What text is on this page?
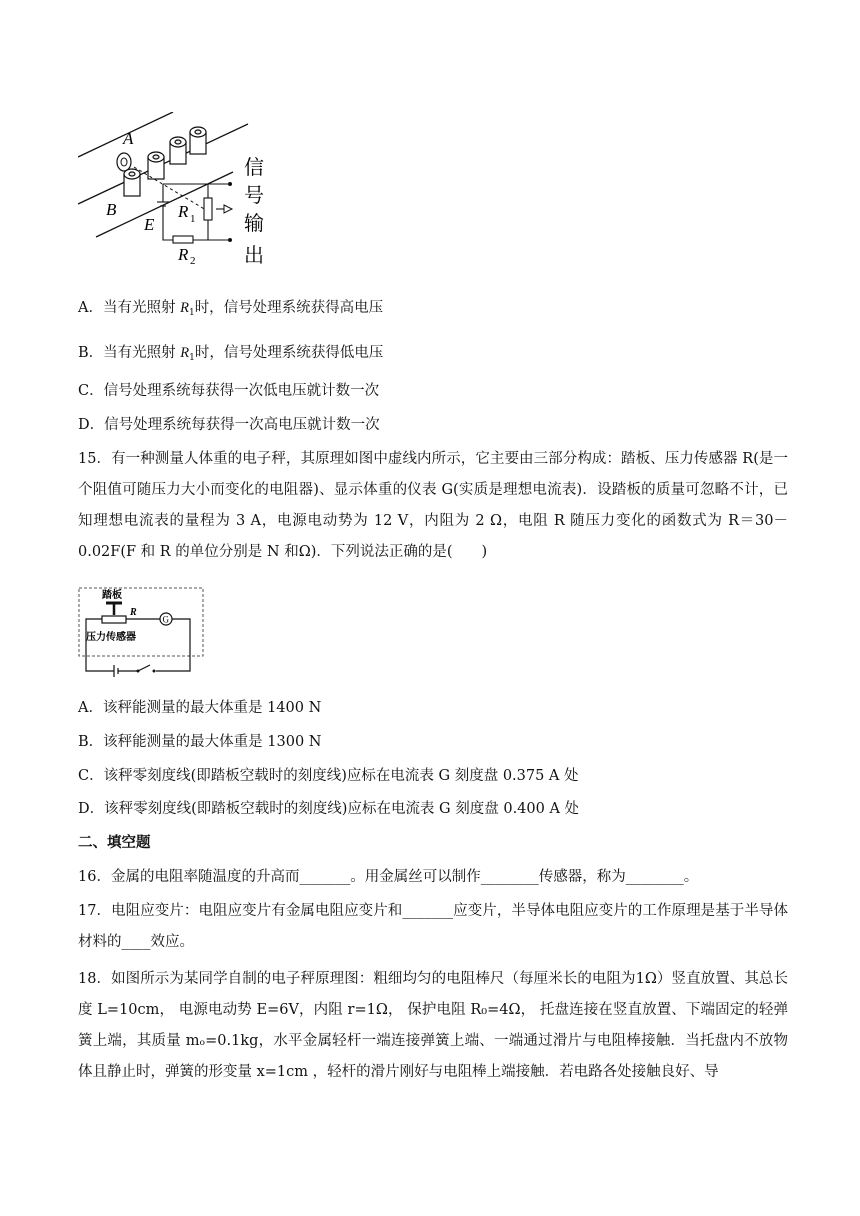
A
B
E
R 1
R 2
信
号
输
出
A．当有光照射 $R_1$时，信号处理系统获得高电压
B．当有光照射 $R_1$时，信号处理系统获得低电压
C．信号处理系统每获得一次低电压就计数一次
D．信号处理系统每获得一次高电压就计数一次
15．有一种测量人体重的电子秤，其原理如图中虚线内所示，它主要由三部分构成：踏板、压力传感器 R(是一个阻值可随压力大小而变化的电阻器)、显示体重的仪表 G(实质是理想电流表)．设踏板的质量可忽略不计，已知理想电流表的量程为 3 A，电源电动势为 12 V，内阻为 2 Ω，电阻 R 随压力变化的函数式为 R＝30－0.02F(F 和 R 的单位分别是 N 和Ω)．下列说法正确的是(　　)
踏板
R
G
压力传感器
A．该秤能测量的最大体重是 1400 N
B．该秤能测量的最大体重是 1300 N
C．该秤零刻度线(即踏板空载时的刻度线)应标在电流表 G 刻度盘 0.375 A 处
D．该秤零刻度线(即踏板空载时的刻度线)应标在电流表 G 刻度盘 0.400 A 处
二、填空题
16．金属的电阻率随温度的升高而_______。用金属丝可以制作________传感器，称为________。
17．电阻应变片：电阻应变片有金属电阻应变片和_______应变片，半导体电阻应变片的工作原理是基于半导体材料的____效应。
18．如图所示为某同学自制的电子秤原理图：粗细均匀的电阻棒尺（每厘米长的电阻为1Ω）竖直放置、其总长度 L=10cm， 电源电动势 E=6V，内阻 r=1Ω， 保护电阻 R₀=4Ω， 托盘连接在竖直放置、下端固定的轻弹簧上端，其质量 mₒ=0.1kg，水平金属轻杆一端连接弹簧上端、一端通过滑片与电阻棒接触．当托盘内不放物体且静止时，弹簧的形变量 x=1cm ，轻杆的滑片刚好与电阻棒上端接触．若电路各处接触良好、导
